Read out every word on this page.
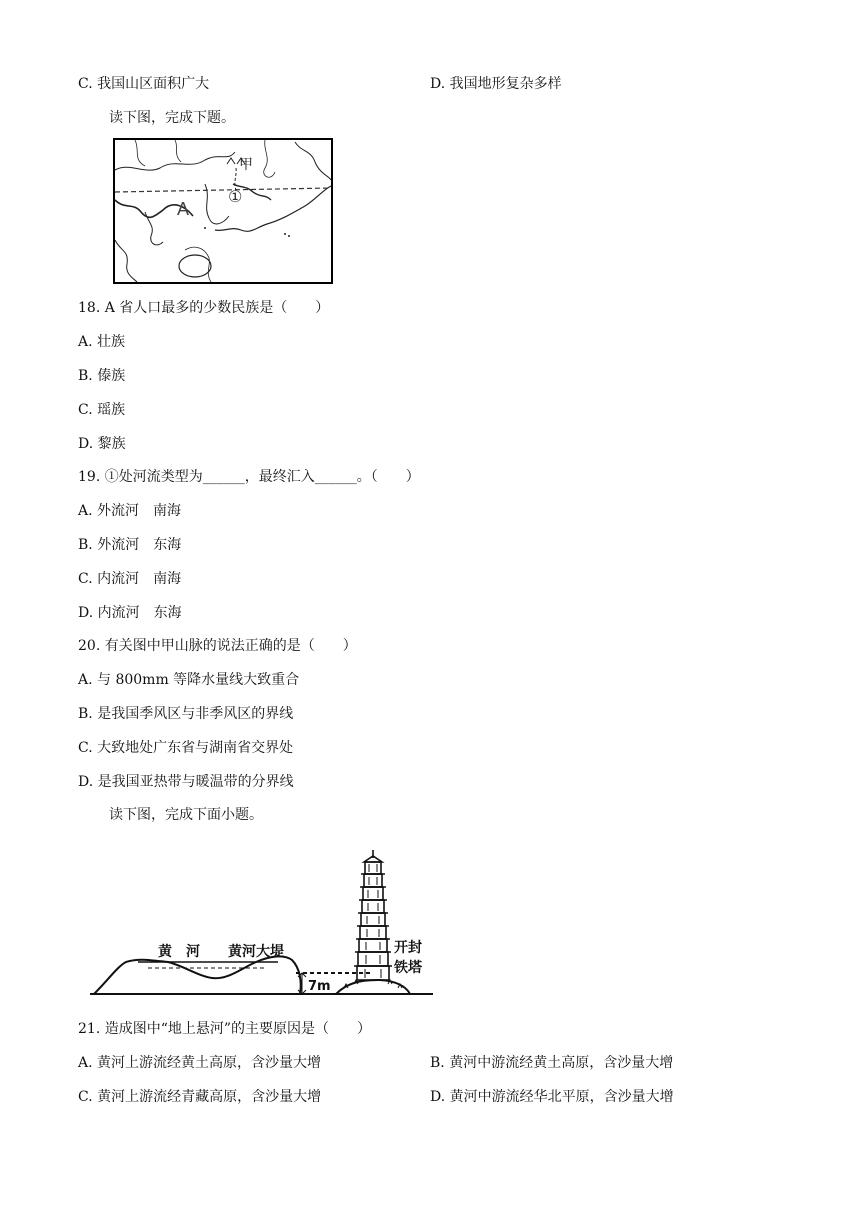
C. 我国山区面积广大	D. 我国地形复杂多样
读下图，完成下题。
A
甲
①
18. A 省人口最多的少数民族是（　　）
A. 壮族
B. 傣族
C. 瑶族
D. 黎族
19. ①处河流类型为______，最终汇入______。（　　）
A. 外流河　南海
B. 外流河　东海
C. 内流河　南海
D. 内流河　东海
20. 有关图中甲山脉的说法正确的是（　　）
A. 与 800mm 等降水量线大致重合
B. 是我国季风区与非季风区的界线
C. 大致地处广东省与湖南省交界处
D. 是我国亚热带与暖温带的分界线
读下图，完成下面小题。
黄　河 黄河大堤
7m
开封
铁塔
21. 造成图中“地上悬河”的主要原因是（　　）
A. 黄河上游流经黄土高原，含沙量大增	B. 黄河中游流经黄土高原，含沙量大增
C. 黄河上游流经青藏高原，含沙量大增	D. 黄河中游流经华北平原，含沙量大增
